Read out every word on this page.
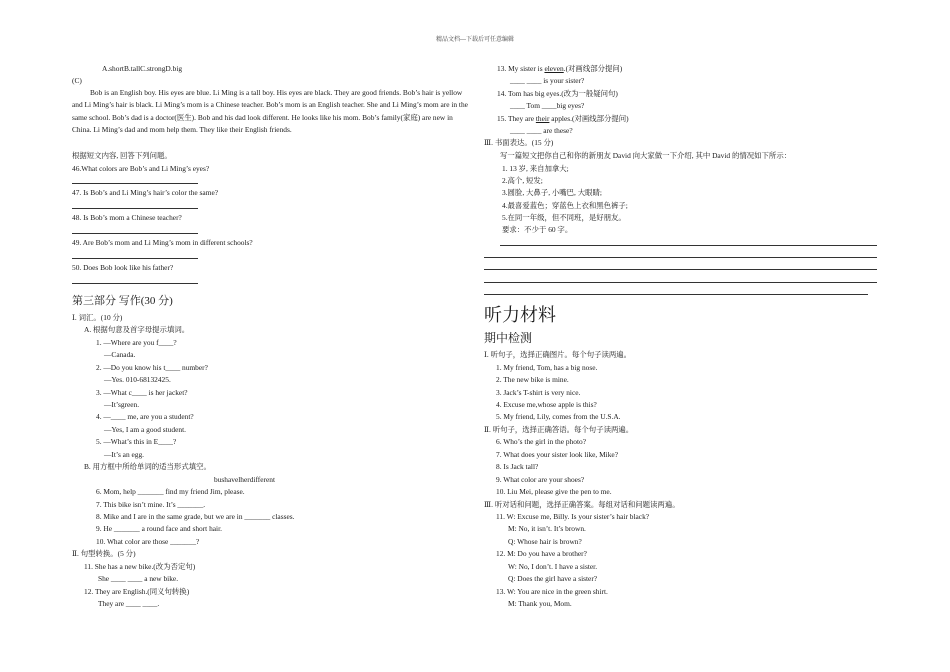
精品文档---下载后可任意编辑
A.shortB.tallC.strongD.big
(C)
Bob is an English boy. His eyes are blue. Li Ming is a tall boy. His eyes are black. They are good friends. Bob’s hair is yellow and Li Ming’s hair is black. Li Ming’s mom is a Chinese teacher. Bob’s mom is an English teacher. She and Li Ming’s mom are in the same school. Bob’s dad is a doctor(医生). Bob and his dad look different. He looks like his mom. Bob’s family(家庭) are new in China. Li Ming’s dad and mom help them. They like their English friends.
根据短文内容, 回答下列问题。
46.What colors are Bob’s and Li Ming’s eyes?
47. Is Bob’s and Li Ming’s hair’s color the same?
48. Is Bob’s mom a Chinese teacher?
49. Are Bob’s mom and Li Ming’s mom in different schools?
50. Does Bob look like his father?
第三部分 写作(30 分)
Ⅰ. 词汇。(10 分)
A. 根据句意及首字母提示填词。
1. —Where are you f____?
—Canada.
2. —Do you know his t____ number?
—Yes. 010-68132425.
3. —What c____ is her jacket?
—It’sgreen.
4. —____ me, are you a student?
—Yes, I am a good student.
5. —What’s this in E____?
—It’s an egg.
B. 用方框中所给单词的适当形式填空。
bushavelherdifferent
6. Mom, help _______ find my friend Jim, please.
7. This bike isn’t mine. It’s _______.
8. Mike and I are in the same grade, but we are in _______ classes.
9. He _______ a round face and short hair.
10. What color are those _______?
Ⅱ. 句型转换。(5 分)
11. She has a new bike.(改为否定句)
She ____ ____ a new bike.
12. They are English.(同义句转换)
They are ____ ____.
13. My sister is eleven.(对画线部分提问)
____ ____ is your sister?
14. Tom has big eyes.(改为一般疑问句)
____ Tom ____big eyes?
15. They are their apples.(对画线部分提问)
____ ____ are these?
Ⅲ. 书面表达。(15 分)
写一篇短文把你自己和你的新朋友 David 向大家做一下介绍, 其中 David 的情况如下所示：
1. 13 岁, 来自加拿大;
2.高个, 短发;
3.圆脸, 大鼻子, 小嘴巴, 大眼睛;
4.最喜爱蓝色；穿蓝色上衣和黑色裤子;
5.在同一年级，但不同班，是好朋友。
要求：不少于 60 字。
听力材料
期中检测
Ⅰ. 听句子，选择正确图片。每个句子读两遍。
1. My friend, Tom, has a big nose.
2. The new bike is mine.
3. Jack’s T-shirt is very nice.
4. Excuse me,whose apple is this?
5. My friend, Lily, comes from the U.S.A.
Ⅱ. 听句子，选择正确答语。每个句子读两遍。
6. Who’s the girl in the photo?
7. What does your sister look like, Mike?
8. Is Jack tall?
9. What color are your shoes?
10. Liu Mei, please give the pen to me.
Ⅲ. 听对话和问题，选择正确答案。每组对话和问题读两遍。
11. W: Excuse me, Billy. Is your sister’s hair black?
M: No, it isn’t. It’s brown.
Q: Whose hair is brown?
12. M: Do you have a brother?
W: No, I don’t. I have a sister.
Q: Does the girl have a sister?
13. W: You are nice in the green shirt.
M: Thank you, Mom.
